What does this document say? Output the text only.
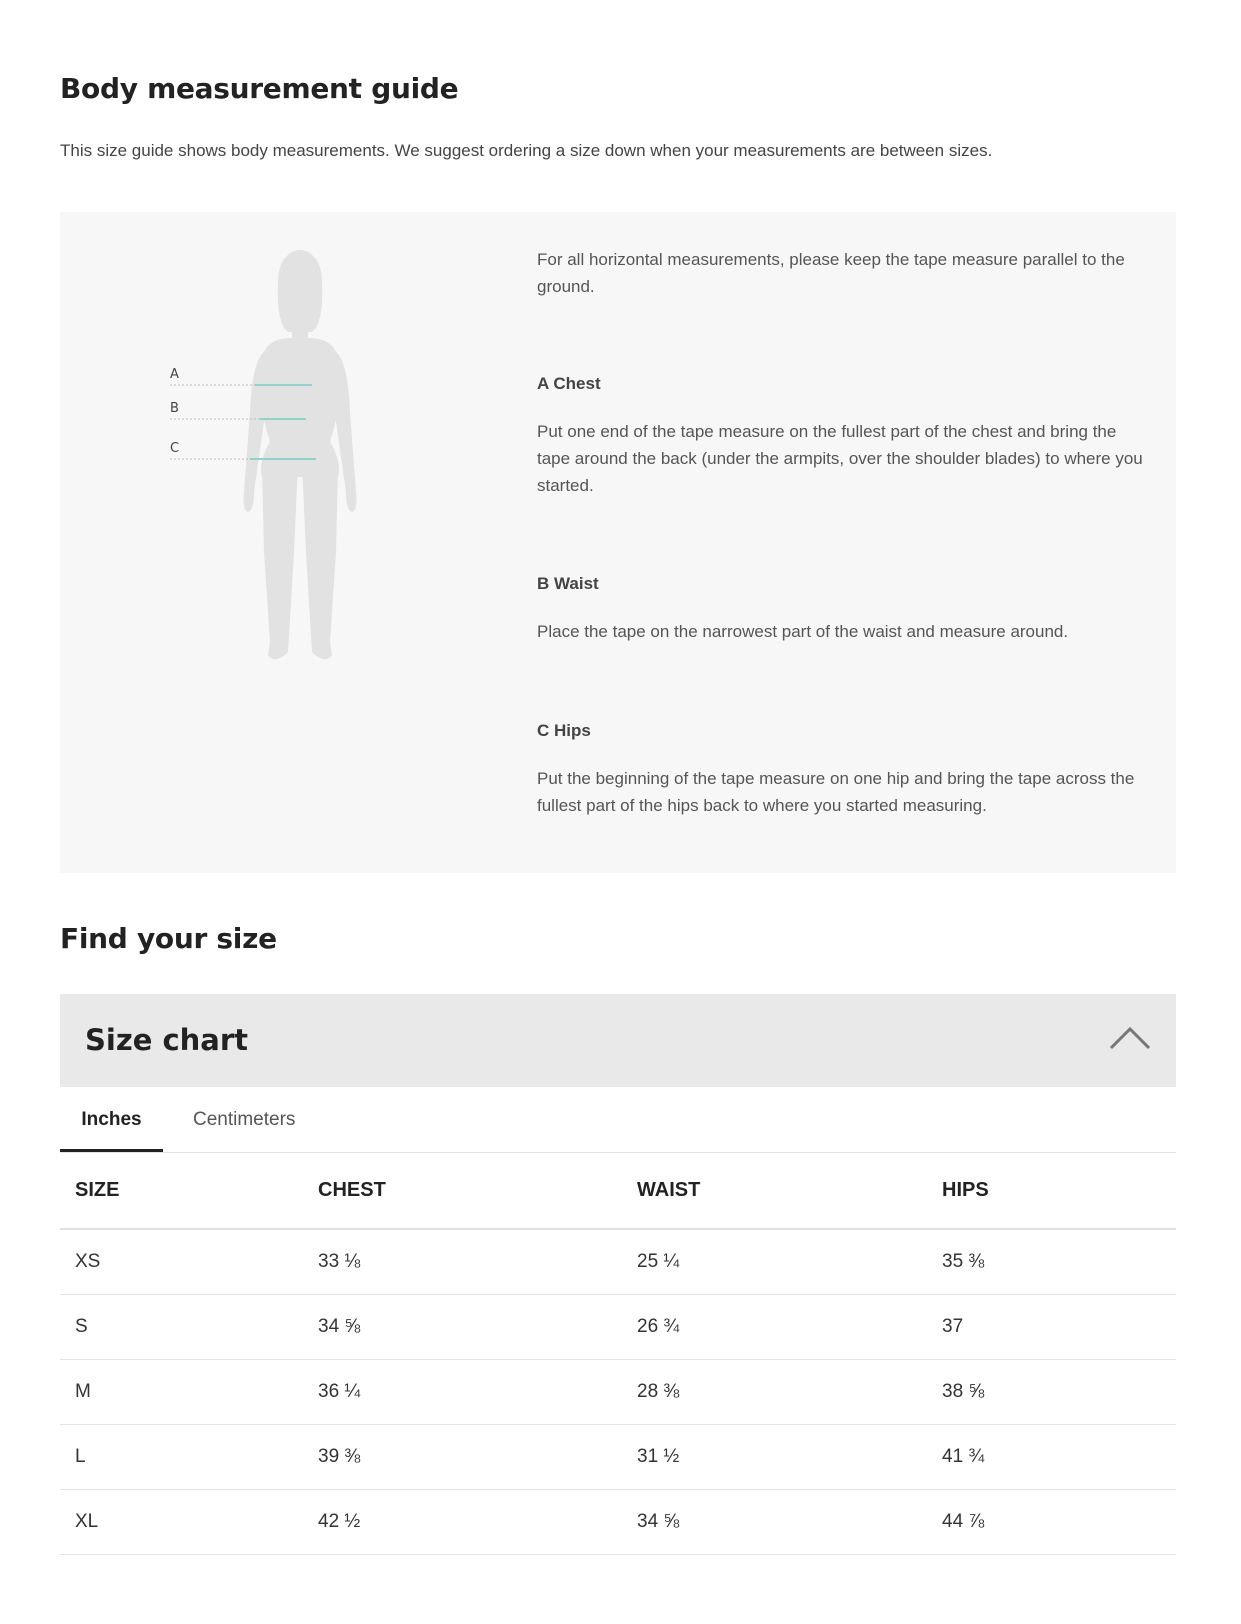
Body measurement guide

This size guide shows body measurements. We suggest ordering a size down when your measurements are between sizes.

A
B
C

For all horizontal measurements, please keep the tape measure parallel to the ground.

A Chest

Put one end of the tape measure on the fullest part of the chest and bring the tape around the back (under the armpits, over the shoulder blades) to where you started.

B Waist

Place the tape on the narrowest part of the waist and measure around.

C Hips

Put the beginning of the tape measure on one hip and bring the tape across the fullest part of the hips back to where you started measuring.

Find your size
Size chart
Inches	Centimeters
SIZE	CHEST	WAIST	HIPS
XS	33 ⅛	25 ¼	35 ⅜
S	34 ⅝	26 ¾	37
M	36 ¼	28 ⅜	38 ⅝
L	39 ⅜	31 ½	41 ¾
XL	42 ½	34 ⅝	44 ⅞
